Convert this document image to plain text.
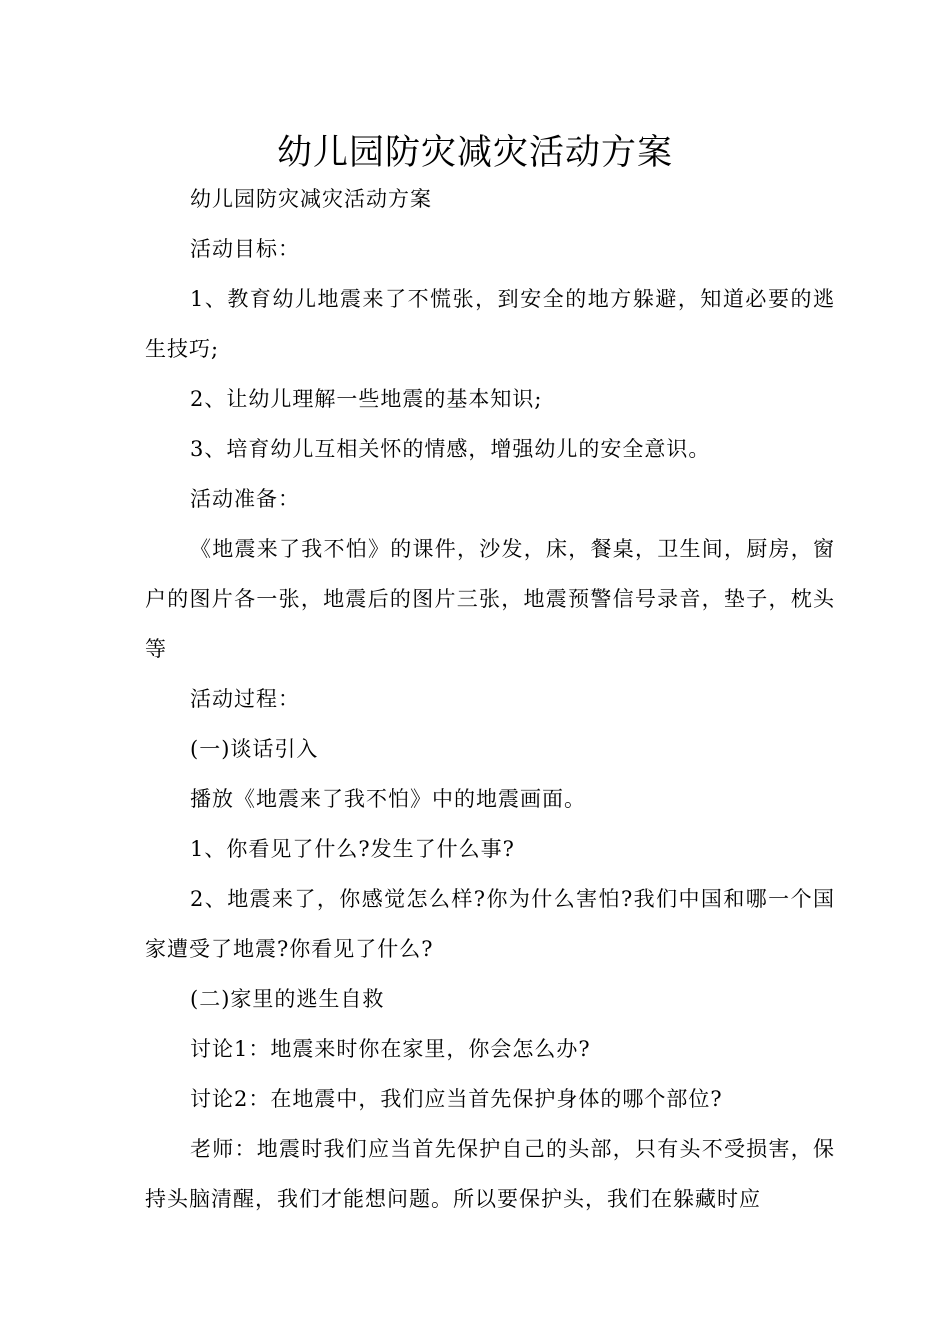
幼儿园防灾减灾活动方案

幼儿园防灾减灾活动方案

活动目标：

1、教育幼儿地震来了不慌张，到安全的地方躲避，知道必要的逃生技巧;

2、让幼儿理解一些地震的基本知识;

3、培育幼儿互相关怀的情感，增强幼儿的安全意识。

活动准备：

《地震来了我不怕》的课件，沙发，床，餐桌，卫生间，厨房，窗户的图片各一张，地震后的图片三张，地震预警信号录音，垫子，枕头等

活动过程：

(一)谈话引入

播放《地震来了我不怕》中的地震画面。

1、你看见了什么?发生了什么事?

2、地震来了，你感觉怎么样?你为什么害怕?我们中国和哪一个国家遭受了地震?你看见了什么?

(二)家里的逃生自救

讨论1：地震来时你在家里，你会怎么办?

讨论2：在地震中，我们应当首先保护身体的哪个部位?

老师：地震时我们应当首先保护自己的头部，只有头不受损害，保持头脑清醒，我们才能想问题。所以要保护头，我们在躲藏时应
